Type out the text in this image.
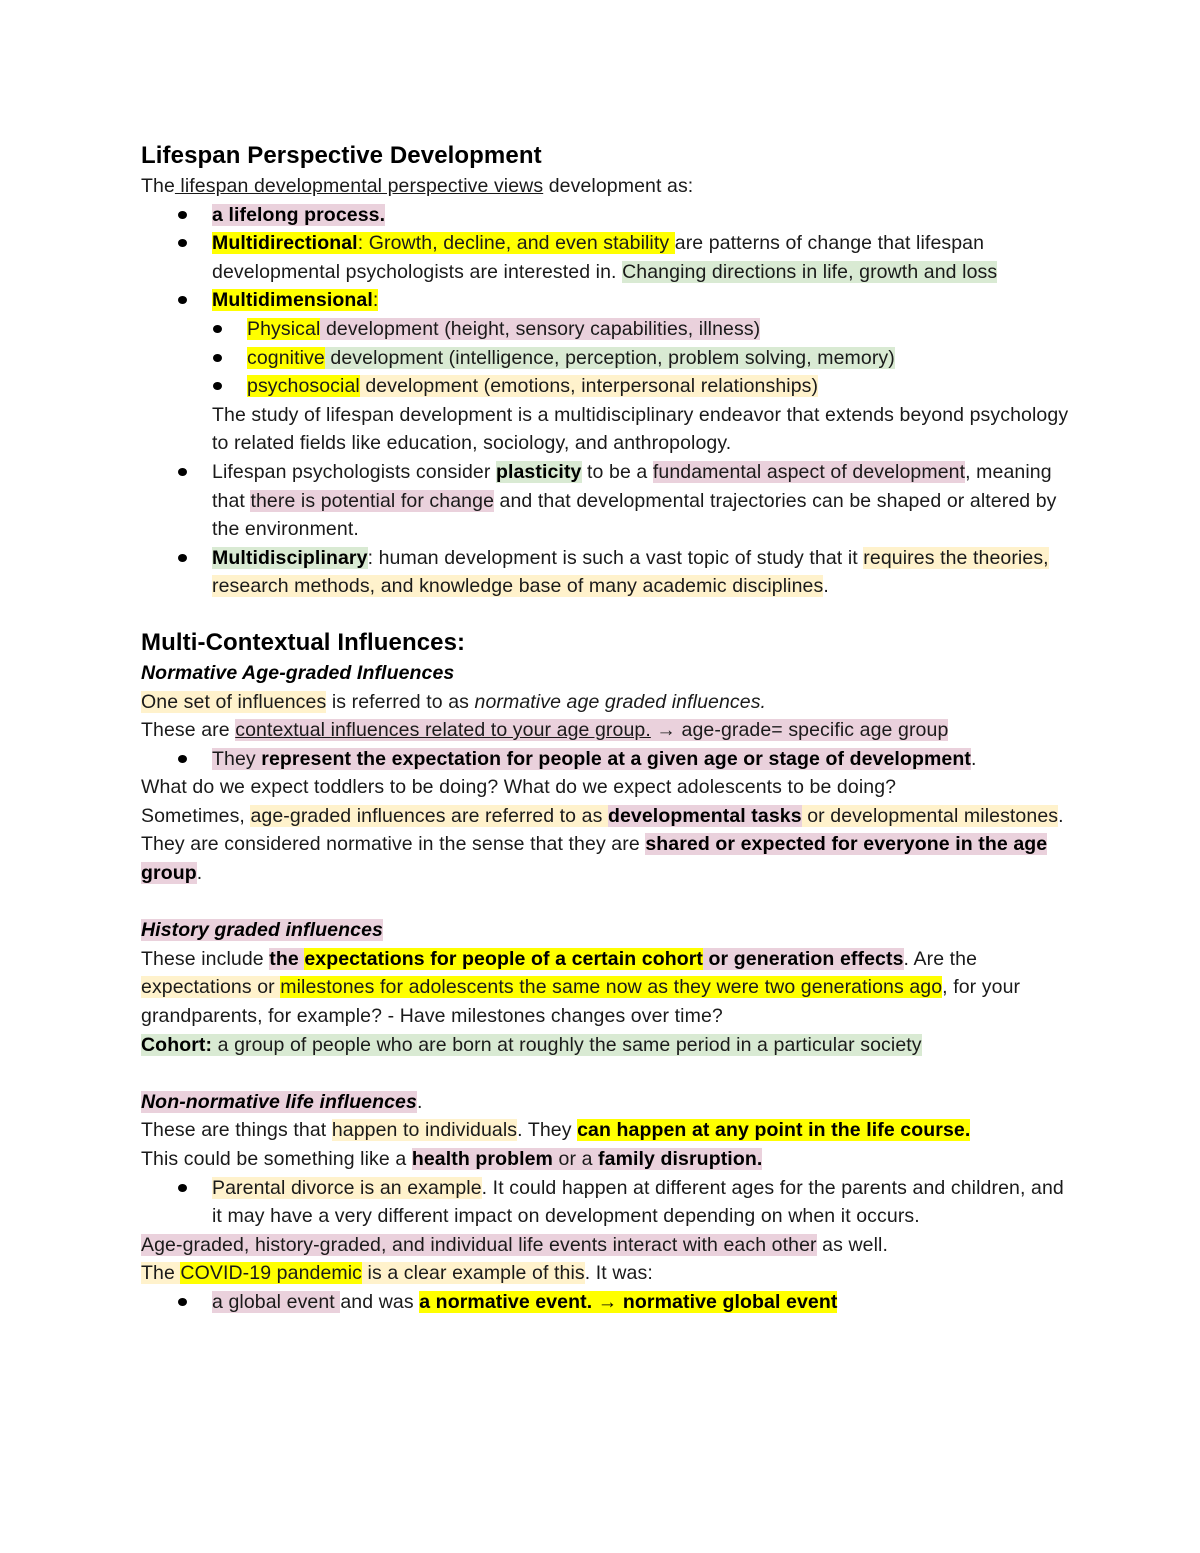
Lifespan Perspective Development

The lifespan developmental perspective views development as:

a lifelong process.
Multidirectional: Growth, decline, and even stability are patterns of change that lifespan developmental psychologists are interested in. Changing directions in life, growth and loss
Multidimensional:
Physical development (height, sensory capabilities, illness)
cognitive development (intelligence, perception, problem solving, memory)
psychosocial development (emotions, interpersonal relationships)

The study of lifespan development is a multidisciplinary endeavor that extends beyond psychology to related fields like education, sociology, and anthropology.

Lifespan psychologists consider plasticity to be a fundamental aspect of development, meaning that there is potential for change and that developmental trajectories can be shaped or altered by the environment.
Multidisciplinary: human development is such a vast topic of study that it requires the theories, research methods, and knowledge base of many academic disciplines.
Multi-Contextual Influences:

Normative Age-graded Influences

One set of influences is referred to as normative age graded influences.

These are contextual influences related to your age group. → age-grade= specific age group

They represent the expectation for people at a given age or stage of development.

What do we expect toddlers to be doing? What do we expect adolescents to be doing?

Sometimes, age-graded influences are referred to as developmental tasks or developmental milestones. They are considered normative in the sense that they are shared or expected for everyone in the age group.

History graded influences

These include the expectations for people of a certain cohort or generation effects. Are the expectations or milestones for adolescents the same now as they were two generations ago, for your grandparents, for example? - Have milestones changes over time?

Cohort: a group of people who are born at roughly the same period in a particular society

Non-normative life influences.

These are things that happen to individuals. They can happen at any point in the life course.

This could be something like a health problem or a family disruption.

Parental divorce is an example. It could happen at different ages for the parents and children, and it may have a very different impact on development depending on when it occurs.

Age-graded, history-graded, and individual life events interact with each other as well.

The COVID-19 pandemic is a clear example of this. It was:

a global event and was a normative event. → normative global event
